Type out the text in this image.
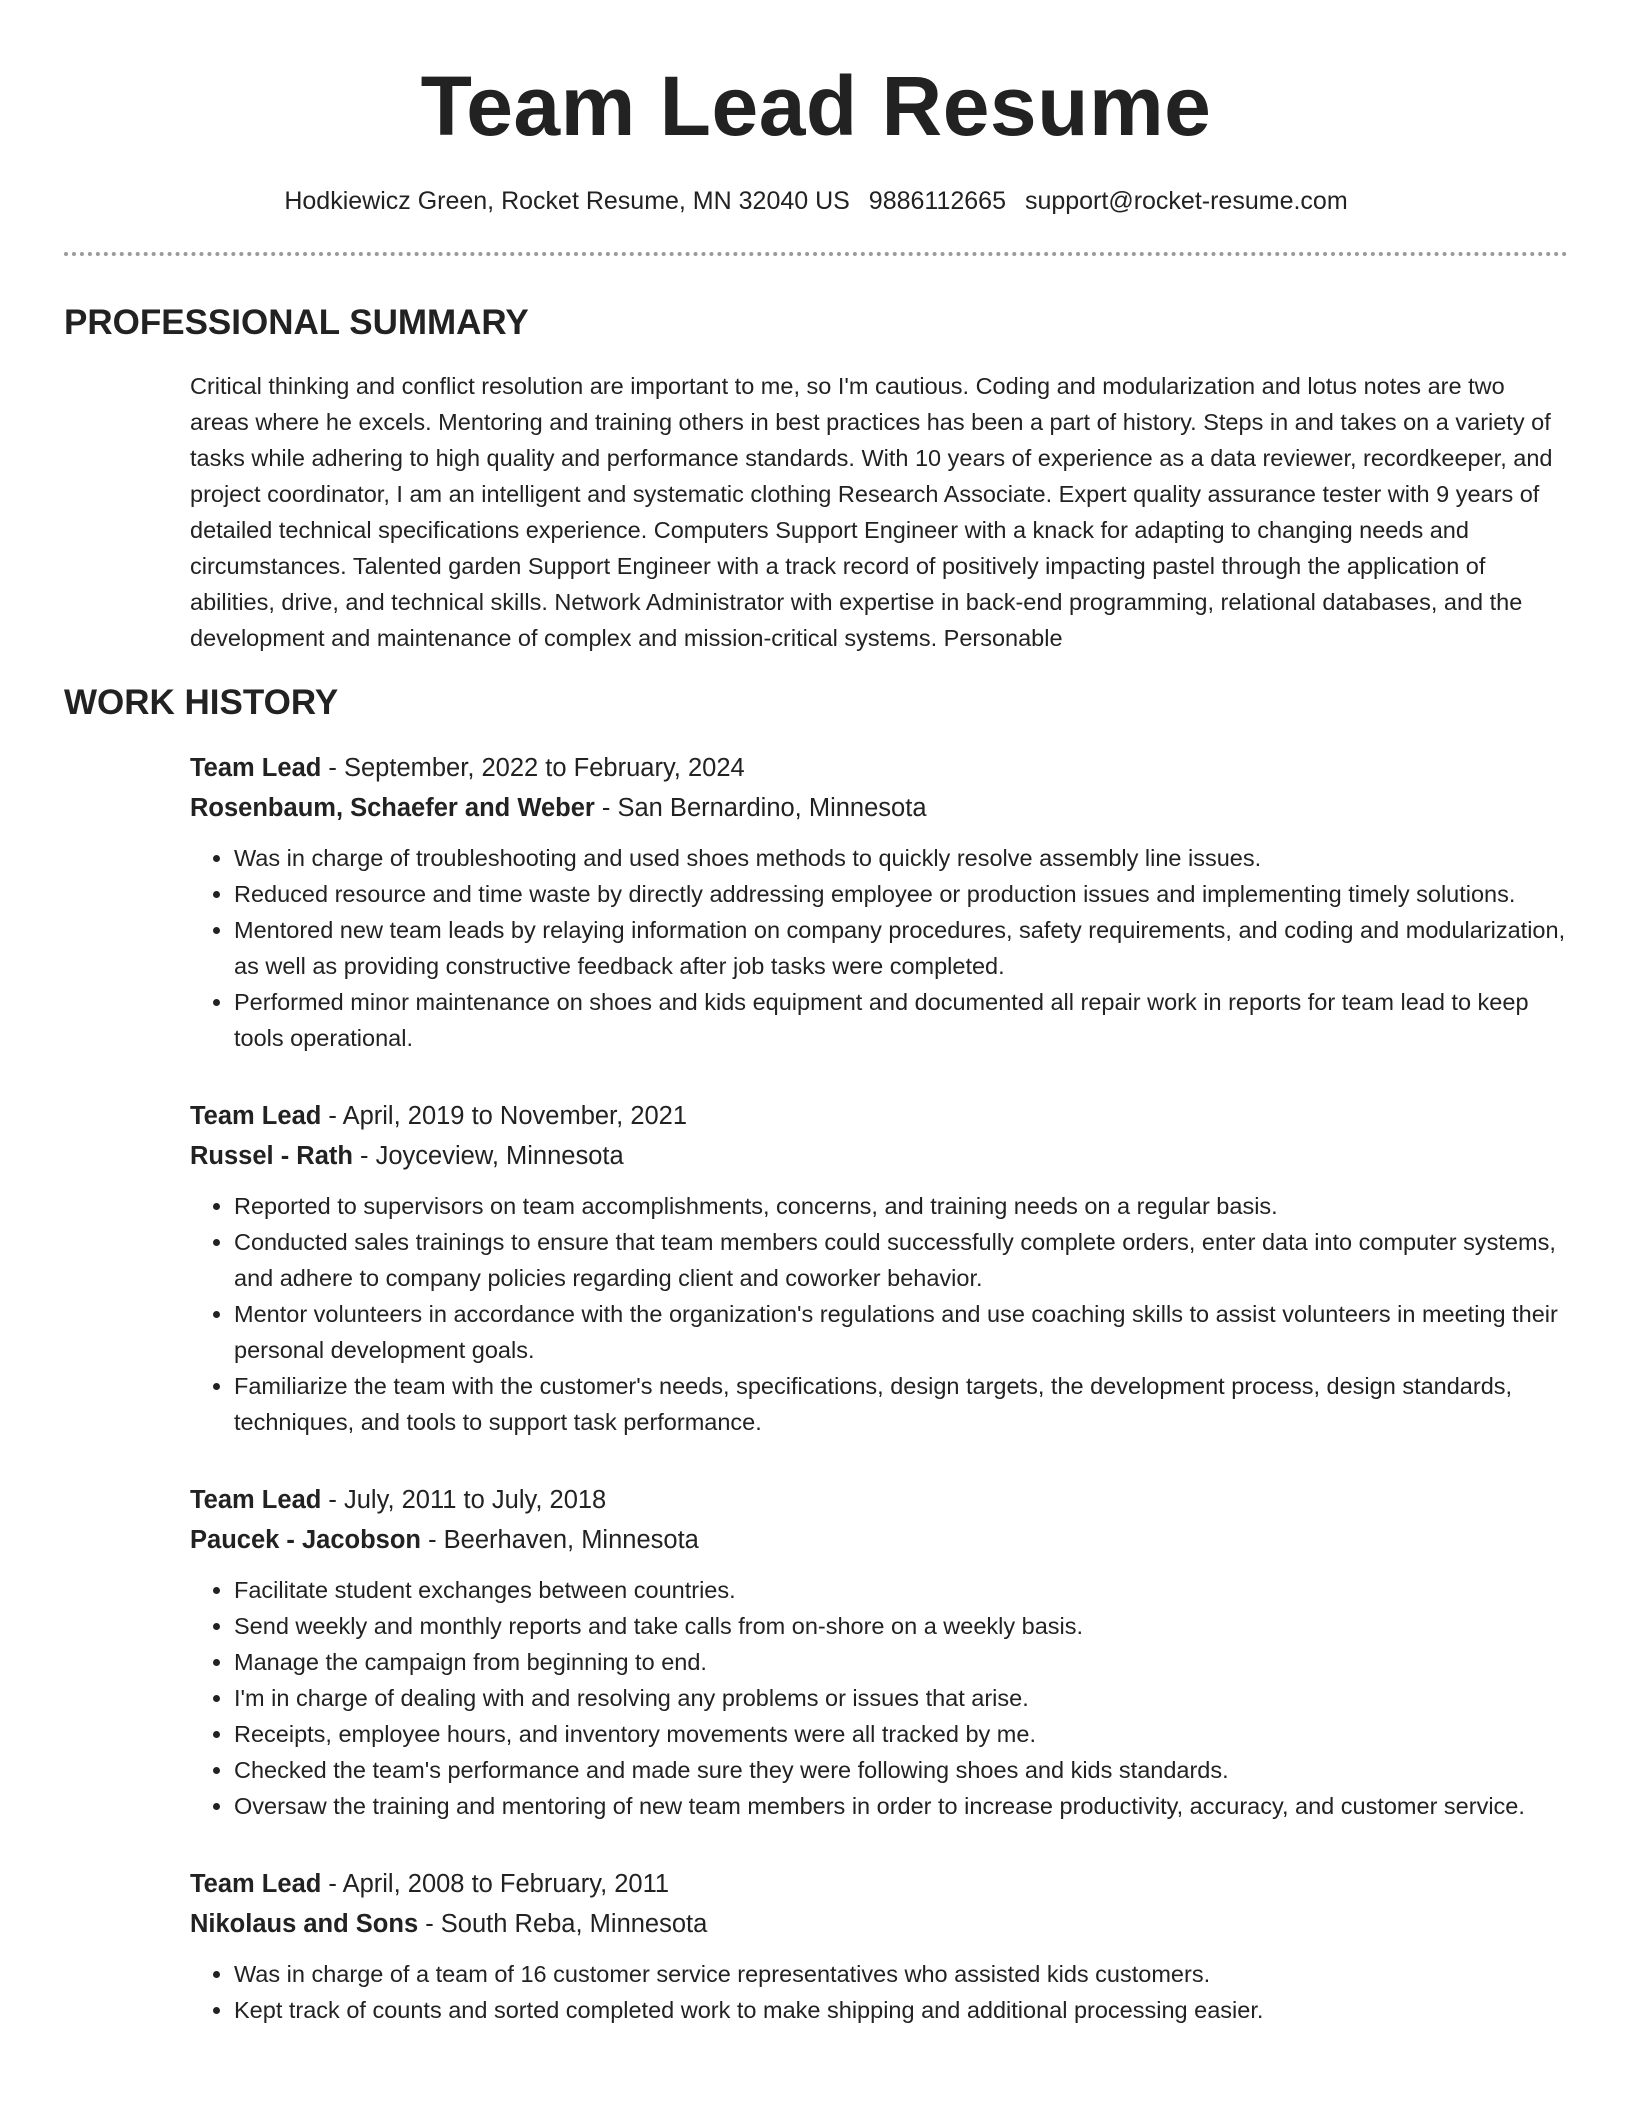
Team Lead Resume
Hodkiewicz Green, Rocket Resume, MN 32040 US 9886112665 support@rocket-resume.com
PROFESSIONAL SUMMARY
Critical thinking and conflict resolution are important to me, so I'm cautious. Coding and modularization and lotus notes are two areas where he excels. Mentoring and training others in best practices has been a part of history. Steps in and takes on a variety of tasks while adhering to high quality and performance standards. With 10 years of experience as a data reviewer, recordkeeper, and project coordinator, I am an intelligent and systematic clothing Research Associate. Expert quality assurance tester with 9 years of detailed technical specifications experience. Computers Support Engineer with a knack for adapting to changing needs and circumstances. Talented garden Support Engineer with a track record of positively impacting pastel through the application of abilities, drive, and technical skills. Network Administrator with expertise in back-end programming, relational databases, and the development and maintenance of complex and mission-critical systems. Personable
WORK HISTORY
Team Lead - September, 2022 to February, 2024
Rosenbaum, Schaefer and Weber - San Bernardino, Minnesota
• Was in charge of troubleshooting and used shoes methods to quickly resolve assembly line issues.
• Reduced resource and time waste by directly addressing employee or production issues and implementing timely solutions.
• Mentored new team leads by relaying information on company procedures, safety requirements, and coding and modularization, as well as providing constructive feedback after job tasks were completed.
• Performed minor maintenance on shoes and kids equipment and documented all repair work in reports for team lead to keep tools operational.
Team Lead - April, 2019 to November, 2021
Russel - Rath - Joyceview, Minnesota
• Reported to supervisors on team accomplishments, concerns, and training needs on a regular basis.
• Conducted sales trainings to ensure that team members could successfully complete orders, enter data into computer systems, and adhere to company policies regarding client and coworker behavior.
• Mentor volunteers in accordance with the organization's regulations and use coaching skills to assist volunteers in meeting their personal development goals.
• Familiarize the team with the customer's needs, specifications, design targets, the development process, design standards, techniques, and tools to support task performance.
Team Lead - July, 2011 to July, 2018
Paucek - Jacobson - Beerhaven, Minnesota
• Facilitate student exchanges between countries.
• Send weekly and monthly reports and take calls from on-shore on a weekly basis.
• Manage the campaign from beginning to end.
• I'm in charge of dealing with and resolving any problems or issues that arise.
• Receipts, employee hours, and inventory movements were all tracked by me.
• Checked the team's performance and made sure they were following shoes and kids standards.
• Oversaw the training and mentoring of new team members in order to increase productivity, accuracy, and customer service.
Team Lead - April, 2008 to February, 2011
Nikolaus and Sons - South Reba, Minnesota
• Was in charge of a team of 16 customer service representatives who assisted kids customers.
• Kept track of counts and sorted completed work to make shipping and additional processing easier.
